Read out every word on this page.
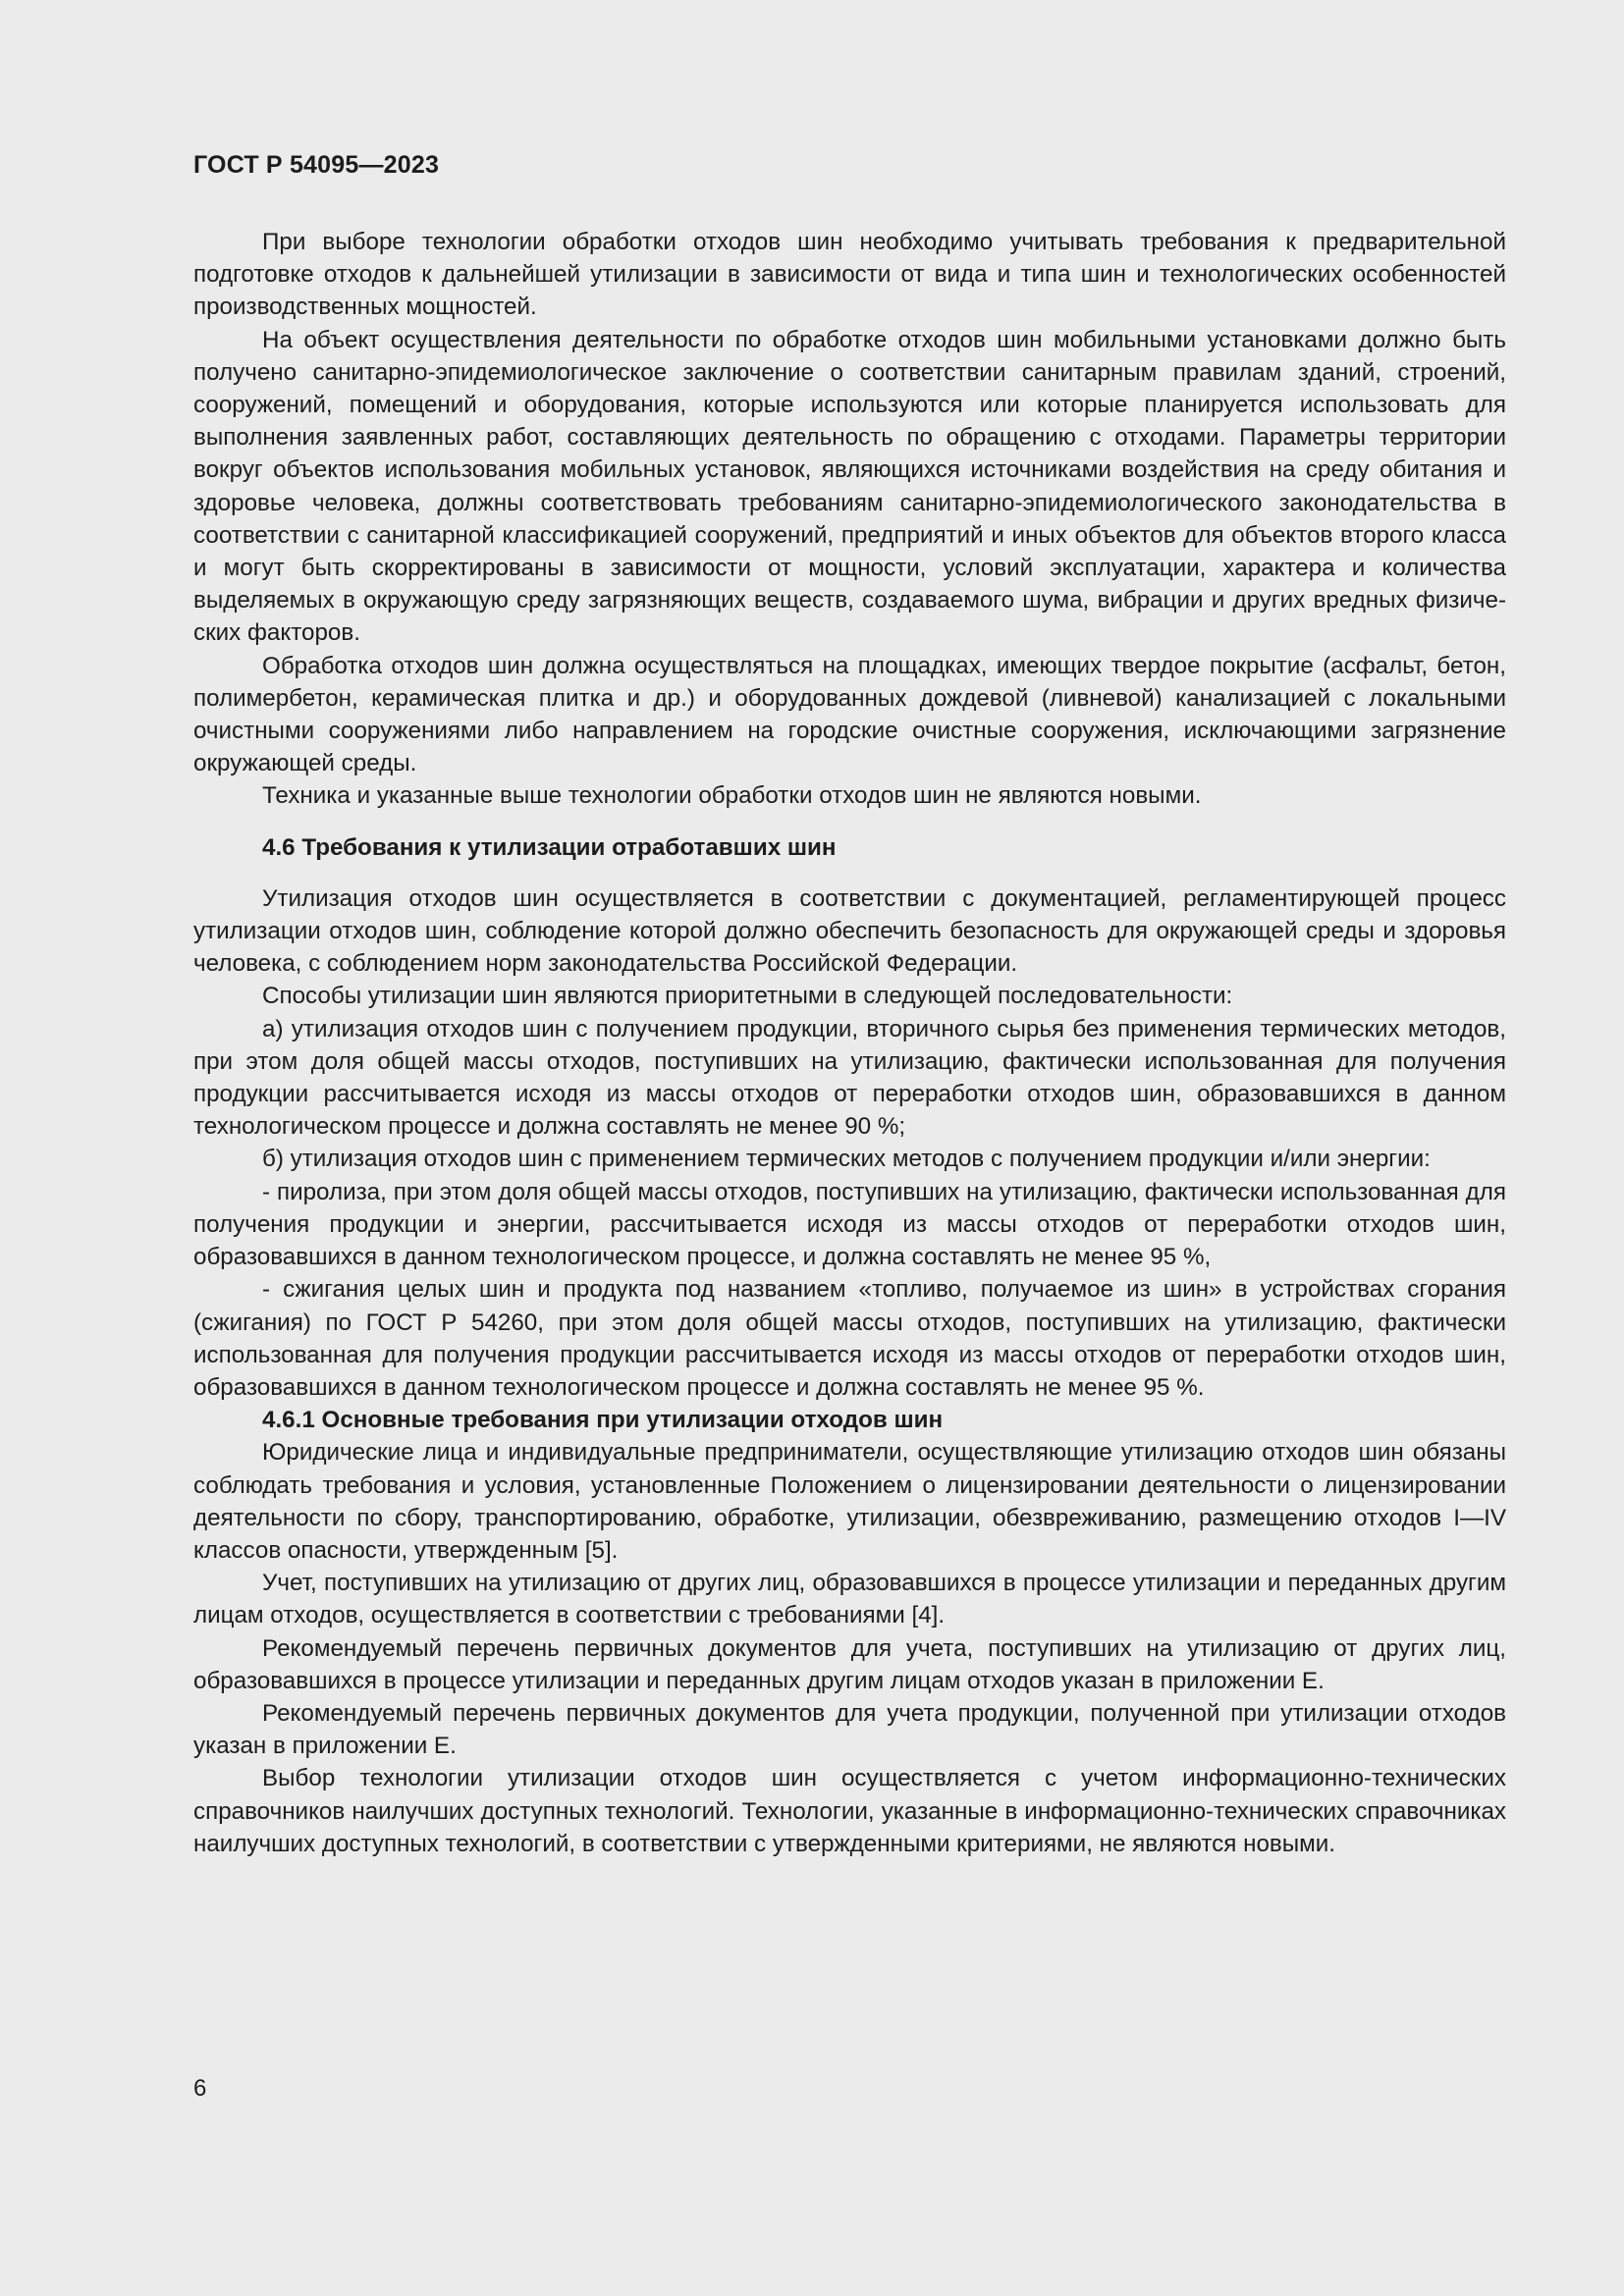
ГОСТ Р 54095—2023

При выборе технологии обработки отходов шин необходимо учитывать требования к предварительной подготовке отходов к дальнейшей утилизации в зависимости от вида и типа шин и технологических особенностей производственных мощностей.

На объект осуществления деятельности по обработке отходов шин мобильными установками должно быть получено санитарно-эпидемиологическое заключение о соответствии санитарным правилам зданий, строений, сооружений, помещений и оборудования, которые используются или которые планируется использовать для выполнения заявленных работ, составляющих деятельность по обращению с отходами. Параметры территории вокруг объектов использования мобильных установок, являющихся источниками воздействия на среду обитания и здоровье человека, должны соответствовать требованиям санитарно-эпидемиологического законодательства в соответствии с санитарной классификацией сооружений, предприятий и иных объектов для объектов второго класса и могут быть скорректированы в зависимости от мощности, условий эксплуатации, характера и количества выделяемых в окружающую среду загрязняющих веществ, создаваемого шума, вибрации и других вредных физических факторов.

Обработка отходов шин должна осуществляться на площадках, имеющих твердое покрытие (асфальт, бетон, полимербетон, керамическая плитка и др.) и оборудованных дождевой (ливневой) канализацией с локальными очистными сооружениями либо направлением на городские очистные сооружения, исключающими загрязнение окружающей среды.

Техника и указанные выше технологии обработки отходов шин не являются новыми.

4.6 Требования к утилизации отработавших шин

Утилизация отходов шин осуществляется в соответствии с документацией, регламентирующей процесс утилизации отходов шин, соблюдение которой должно обеспечить безопасность для окружающей среды и здоровья человека, с соблюдением норм законодательства Российской Федерации.

Способы утилизации шин являются приоритетными в следующей последовательности:

а) утилизация отходов шин с получением продукции, вторичного сырья без применения термических методов, при этом доля общей массы отходов, поступивших на утилизацию, фактически использованная для получения продукции рассчитывается исходя из массы отходов от переработки отходов шин, образовавшихся в данном технологическом процессе и должна составлять не менее 90 %;

б) утилизация отходов шин с применением термических методов с получением продукции и/или энергии:

- пиролиза, при этом доля общей массы отходов, поступивших на утилизацию, фактически использованная для получения продукции и энергии, рассчитывается исходя из массы отходов от переработки отходов шин, образовавшихся в данном технологическом процессе, и должна составлять не менее 95 %,

- сжигания целых шин и продукта под названием «топливо, получаемое из шин» в устройствах сгорания (сжигания) по ГОСТ Р 54260, при этом доля общей массы отходов, поступивших на утилизацию, фактически использованная для получения продукции рассчитывается исходя из массы отходов от переработки отходов шин, образовавшихся в данном технологическом процессе и должна составлять не менее 95 %.

4.6.1 Основные требования при утилизации отходов шин

Юридические лица и индивидуальные предприниматели, осуществляющие утилизацию отходов шин обязаны соблюдать требования и условия, установленные Положением о лицензировании деятельности о лицензировании деятельности по сбору, транспортированию, обработке, утилизации, обезвреживанию, размещению отходов I—IV классов опасности, утвержденным [5].

Учет, поступивших на утилизацию от других лиц, образовавшихся в процессе утилизации и переданных другим лицам отходов, осуществляется в соответствии с требованиями [4].

Рекомендуемый перечень первичных документов для учета, поступивших на утилизацию от других лиц, образовавшихся в процессе утилизации и переданных другим лицам отходов указан в приложении Е.

Рекомендуемый перечень первичных документов для учета продукции, полученной при утилизации отходов указан в приложении Е.

Выбор технологии утилизации отходов шин осуществляется с учетом информационно-технических справочников наилучших доступных технологий. Технологии, указанные в информационно-технических справочниках наилучших доступных технологий, в соответствии с утвержденными критериями, не являются новыми.

6
